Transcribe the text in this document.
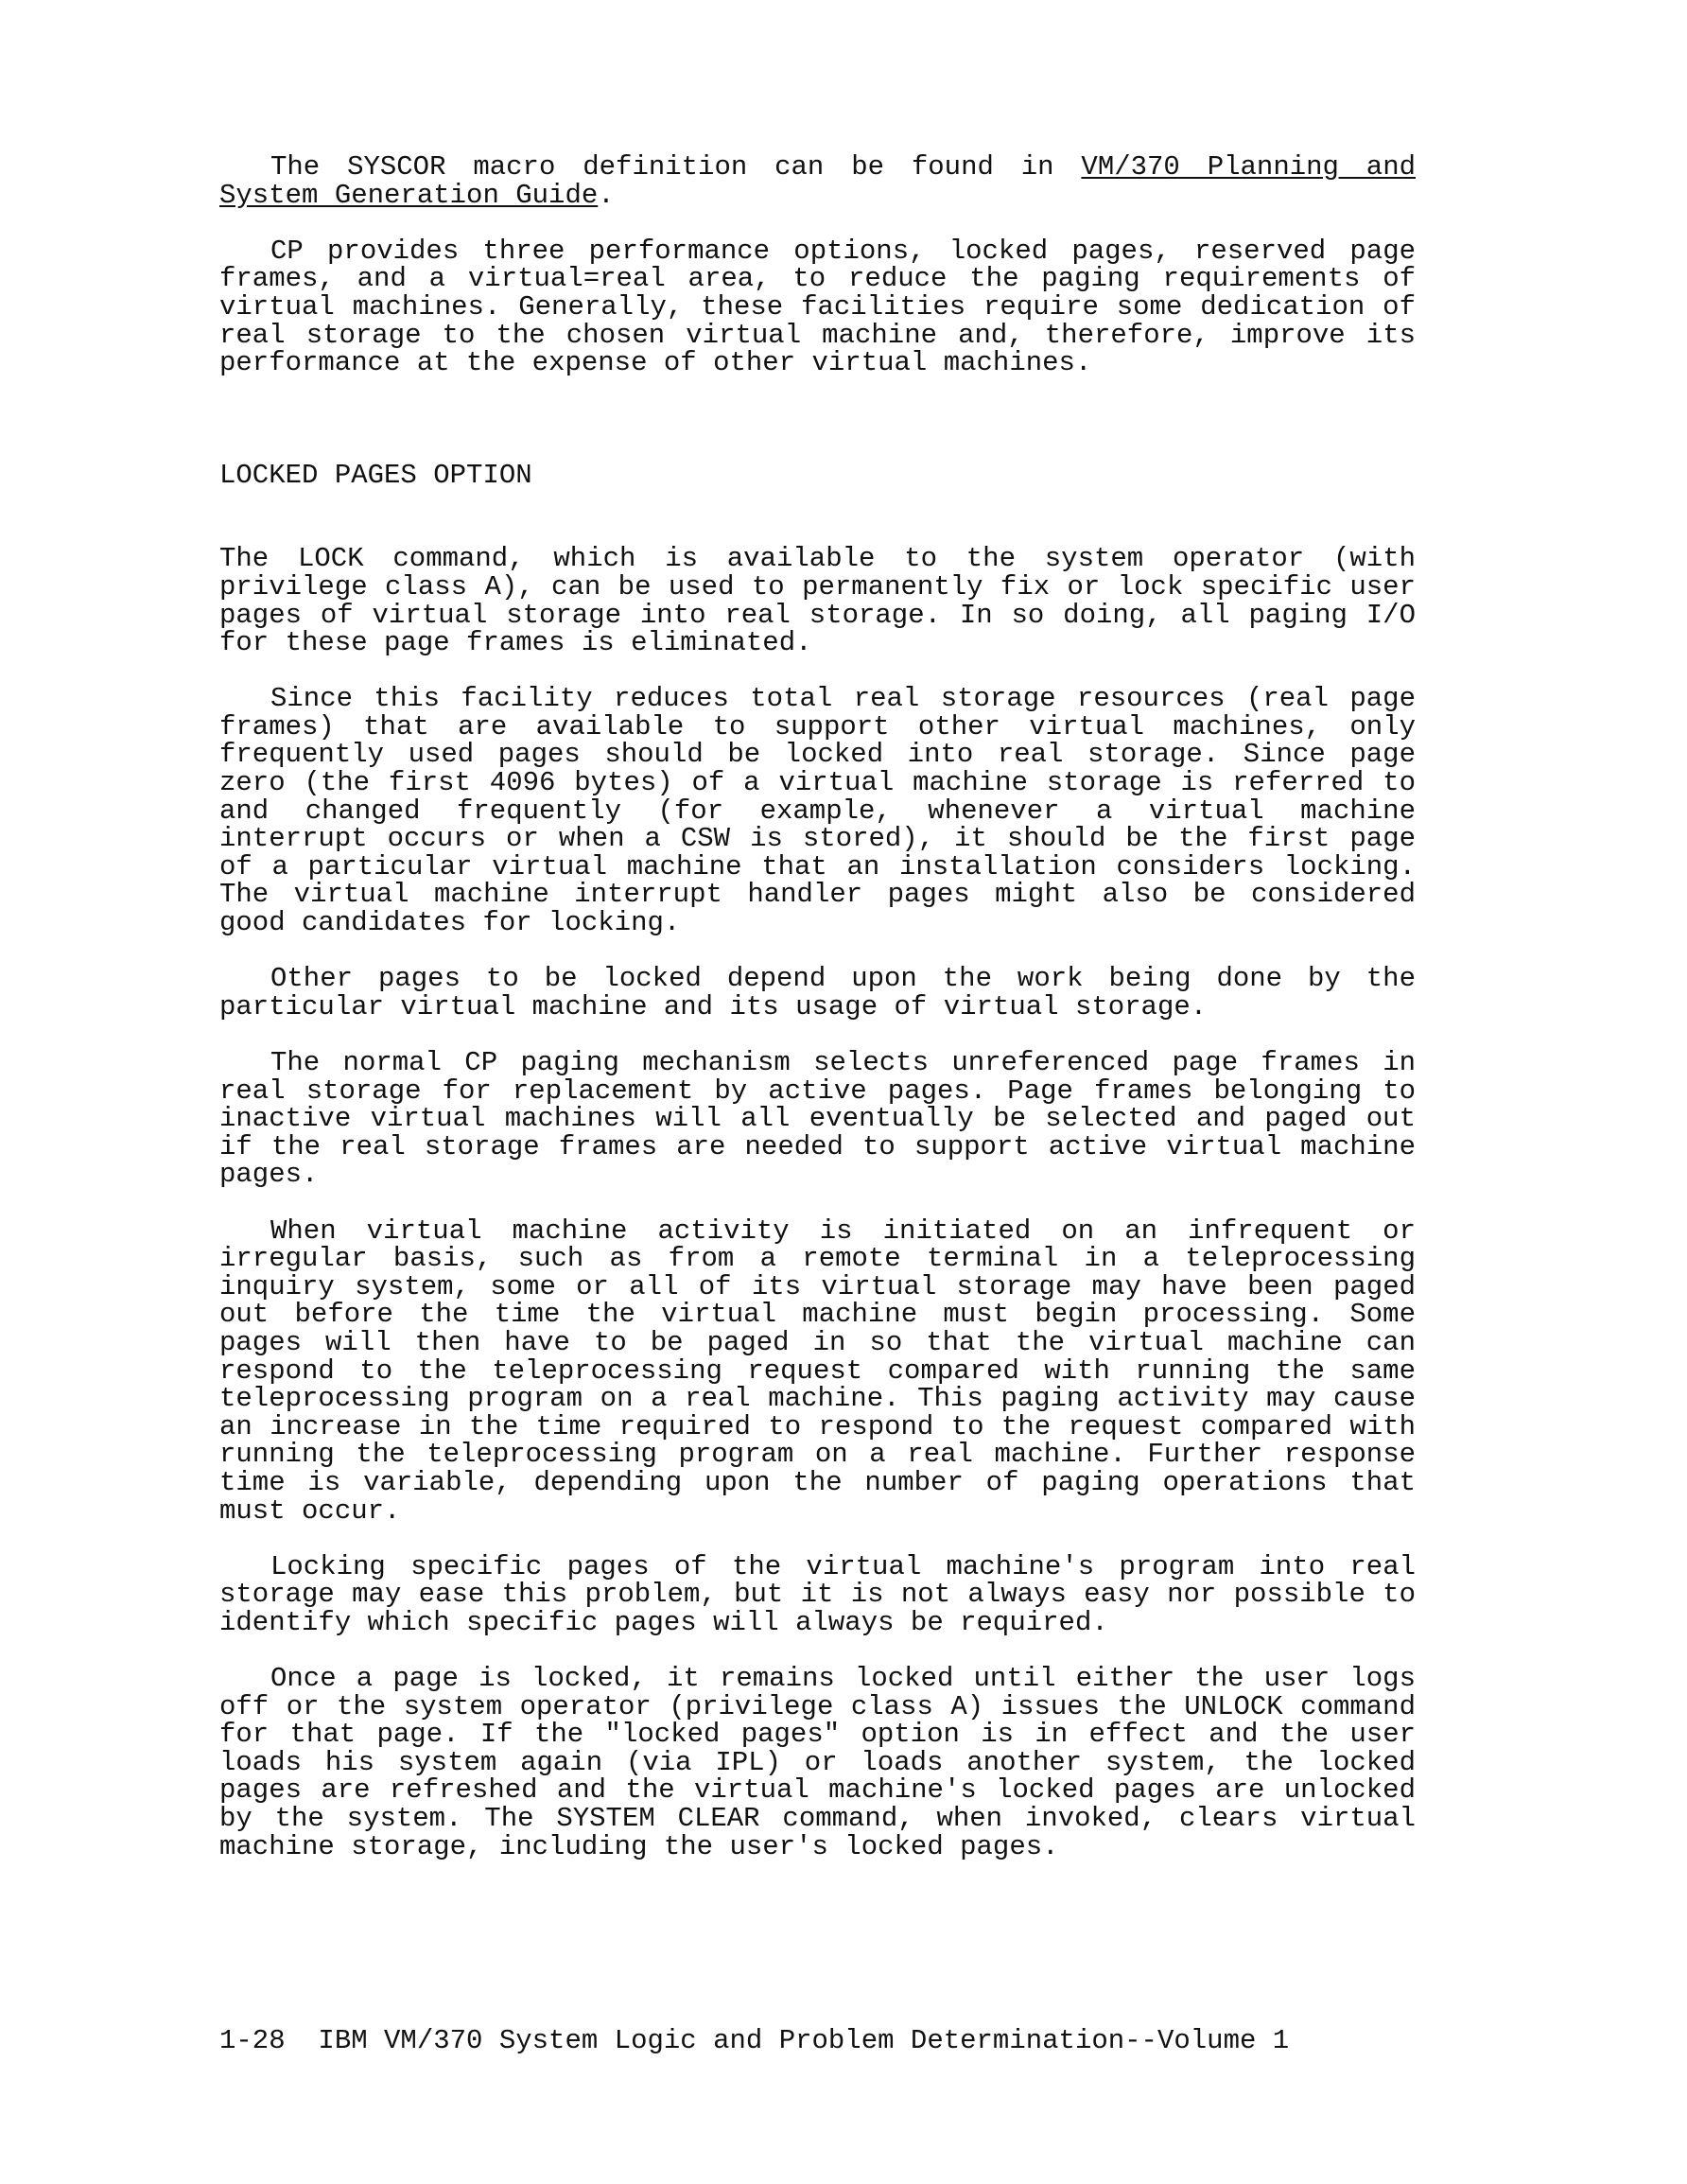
The SYSCOR macro definition can be found in VM/370 Planning and System Generation Guide.

CP provides three performance options, locked pages, reserved page frames, and a virtual=real area, to reduce the paging requirements of virtual machines. Generally, these facilities require some dedication of real storage to the chosen virtual machine and, therefore, improve its performance at the expense of other virtual machines.

LOCKED PAGES OPTION

The LOCK command, which is available to the system operator (with privilege class A), can be used to permanently fix or lock specific user pages of virtual storage into real storage. In so doing, all paging I/O for these page frames is eliminated.

Since this facility reduces total real storage resources (real page frames) that are available to support other virtual machines, only frequently used pages should be locked into real storage. Since page zero (the first 4096 bytes) of a virtual machine storage is referred to and changed frequently (for example, whenever a virtual machine interrupt occurs or when a CSW is stored), it should be the first page of a particular virtual machine that an installation considers locking. The virtual machine interrupt handler pages might also be considered good candidates for locking.

Other pages to be locked depend upon the work being done by the particular virtual machine and its usage of virtual storage.

The normal CP paging mechanism selects unreferenced page frames in real storage for replacement by active pages. Page frames belonging to inactive virtual machines will all eventually be selected and paged out if the real storage frames are needed to support active virtual machine pages.

When virtual machine activity is initiated on an infrequent or irregular basis, such as from a remote terminal in a teleprocessing inquiry system, some or all of its virtual storage may have been paged out before the time the virtual machine must begin processing. Some pages will then have to be paged in so that the virtual machine can respond to the teleprocessing request compared with running the same teleprocessing program on a real machine. This paging activity may cause an increase in the time required to respond to the request compared with running the teleprocessing program on a real machine. Further response time is variable, depending upon the number of paging operations that must occur.

Locking specific pages of the virtual machine's program into real storage may ease this problem, but it is not always easy nor possible to identify which specific pages will always be required.

Once a page is locked, it remains locked until either the user logs off or the system operator (privilege class A) issues the UNLOCK command for that page. If the "locked pages" option is in effect and the user loads his system again (via IPL) or loads another system, the locked pages are refreshed and the virtual machine's locked pages are unlocked by the system. The SYSTEM CLEAR command, when invoked, clears virtual machine storage, including the user's locked pages.

1-28  IBM VM/370 System Logic and Problem Determination--Volume 1
